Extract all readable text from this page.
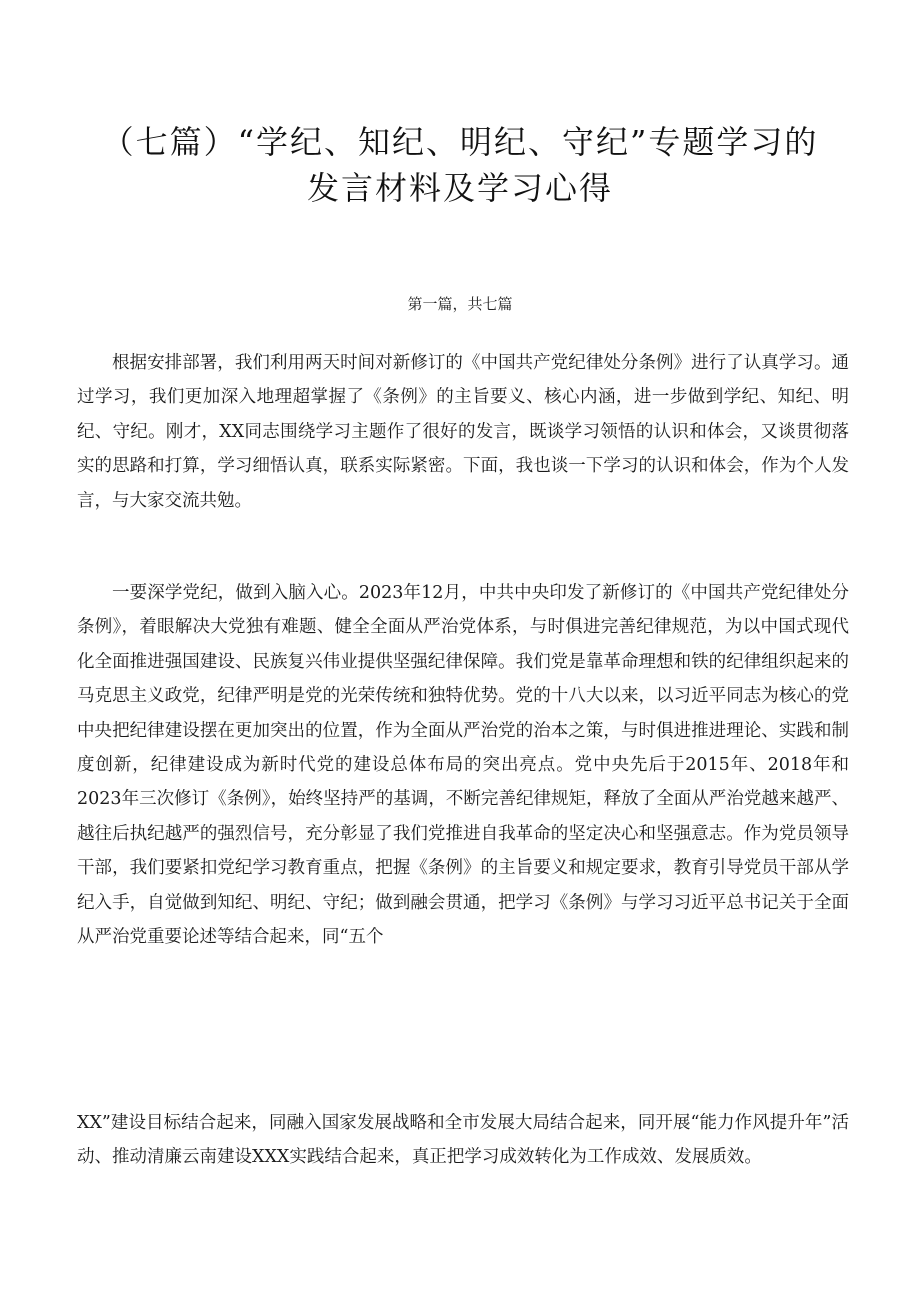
（七篇）“学纪、知纪、明纪、守纪”专题学习的
发言材料及学习心得
第一篇，共七篇

根据安排部署，我们利用两天时间对新修订的《中国共产党纪律处分条例》进行了认真学习。通过学习，我们更加深入地理超掌握了《条例》的主旨要义、核心内涵，进一步做到学纪、知纪、明纪、守纪。刚才，XX同志围绕学习主题作了很好的发言，既谈学习领悟的认识和体会，又谈贯彻落实的思路和打算，学习细悟认真，联系实际紧密。下面，我也谈一下学习的认识和体会，作为个人发言，与大家交流共勉。

一要深学党纪，做到入脑入心。2023年12月，中共中央印发了新修订的《中国共产党纪律处分条例》，着眼解决大党独有难题、健全全面从严治党体系，与时俱进完善纪律规范，为以中国式现代化全面推进强国建设、民族复兴伟业提供坚强纪律保障。我们党是靠革命理想和铁的纪律组织起来的马克思主义政党，纪律严明是党的光荣传统和独特优势。党的十八大以来，以习近平同志为核心的党中央把纪律建设摆在更加突出的位置，作为全面从严治党的治本之策，与时俱进推进理论、实践和制度创新，纪律建设成为新时代党的建设总体布局的突出亮点。党中央先后于2015年、2018年和2023年三次修订《条例》，始终坚持严的基调，不断完善纪律规矩，释放了全面从严治党越来越严、越往后执纪越严的强烈信号，充分彰显了我们党推进自我革命的坚定决心和坚强意志。作为党员领导干部，我们要紧扣党纪学习教育重点，把握《条例》的主旨要义和规定要求，教育引导党员干部从学纪入手，自觉做到知纪、明纪、守纪；做到融会贯通，把学习《条例》与学习习近平总书记关于全面从严治党重要论述等结合起来，同“五个

XX”建设目标结合起来，同融入国家发展战略和全市发展大局结合起来，同开展“能力作风提升年”活动、推动清廉云南建设XXX实践结合起来，真正把学习成效转化为工作成效、发展质效。
